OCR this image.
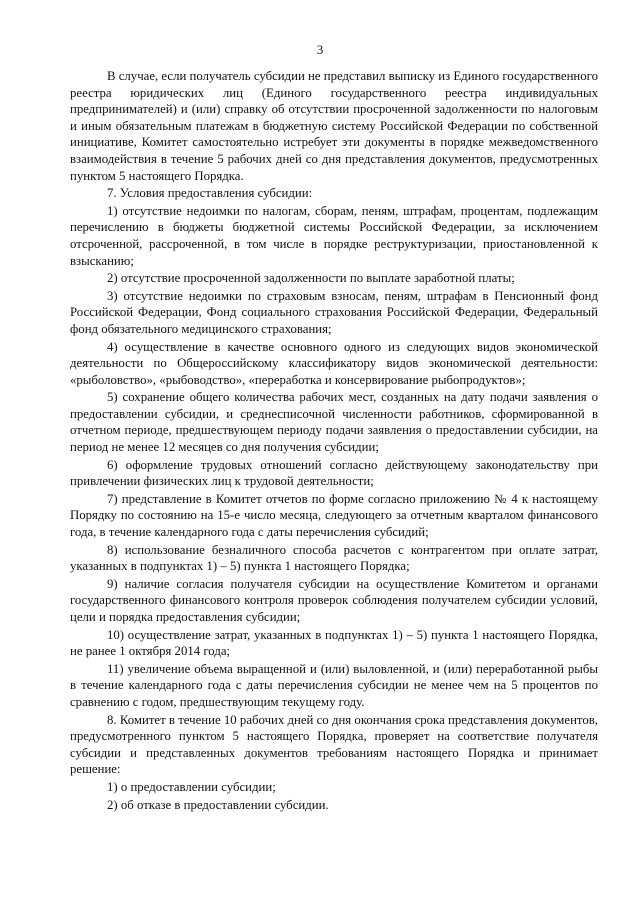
3

В случае, если получатель субсидии не представил выписку из Единого государственного реестра юридических лиц (Единого государственного реестра индивидуальных предпринимателей) и (или) справку об отсутствии просроченной задолженности по налоговым и иным обязательным платежам в бюджетную систему Российской Федерации по собственной инициативе, Комитет самостоятельно истребует эти документы в порядке межведомственного взаимодействия в течение 5 рабочих дней со дня представления документов, предусмотренных пунктом 5 настоящего Порядка.

7. Условия предоставления субсидии:

1) отсутствие недоимки по налогам, сборам, пеням, штрафам, процентам, подлежащим перечислению в бюджеты бюджетной системы Российской Федерации, за исключением отсроченной, рассроченной, в том числе в порядке реструктуризации, приостановленной к взысканию;

2) отсутствие просроченной задолженности по выплате заработной платы;

3) отсутствие недоимки по страховым взносам, пеням, штрафам в Пенсионный фонд Российской Федерации, Фонд социального страхования Российской Федерации, Федеральный фонд обязательного медицинского страхования;

4) осуществление в качестве основного одного из следующих видов экономической деятельности по Общероссийскому классификатору видов экономической деятельности: «рыболовство», «рыбоводство», «переработка и консервирование рыбопродуктов»;

5) сохранение общего количества рабочих мест, созданных на дату подачи заявления о предоставлении субсидии, и среднесписочной численности работников, сформированной в отчетном периоде, предшествующем периоду подачи заявления о предоставлении субсидии, на период не менее 12 месяцев со дня получения субсидии;

6) оформление трудовых отношений согласно действующему законодательству при привлечении физических лиц к трудовой деятельности;

7) представление в Комитет отчетов по форме согласно приложению № 4 к настоящему Порядку по состоянию на 15-е число месяца, следующего за отчетным кварталом финансового года, в течение календарного года с даты перечисления субсидий;

8) использование безналичного способа расчетов с контрагентом при оплате затрат, указанных в подпунктах 1) – 5) пункта 1 настоящего Порядка;

9) наличие согласия получателя субсидии на осуществление Комитетом и органами государственного финансового контроля проверок соблюдения получателем субсидии условий, цели и порядка предоставления субсидии;

10) осуществление затрат, указанных в подпунктах 1) – 5) пункта 1 настоящего Порядка, не ранее 1 октября 2014 года;

11) увеличение объема выращенной и (или) выловленной, и (или) переработанной рыбы в течение календарного года с даты перечисления субсидии не менее чем на 5 процентов по сравнению с годом, предшествующим текущему году.

8. Комитет в течение 10 рабочих дней со дня окончания срока представления документов, предусмотренного пунктом 5 настоящего Порядка, проверяет на соответствие получателя субсидии и представленных документов требованиям настоящего Порядка и принимает решение:

1) о предоставлении субсидии;

2) об отказе в предоставлении субсидии.
